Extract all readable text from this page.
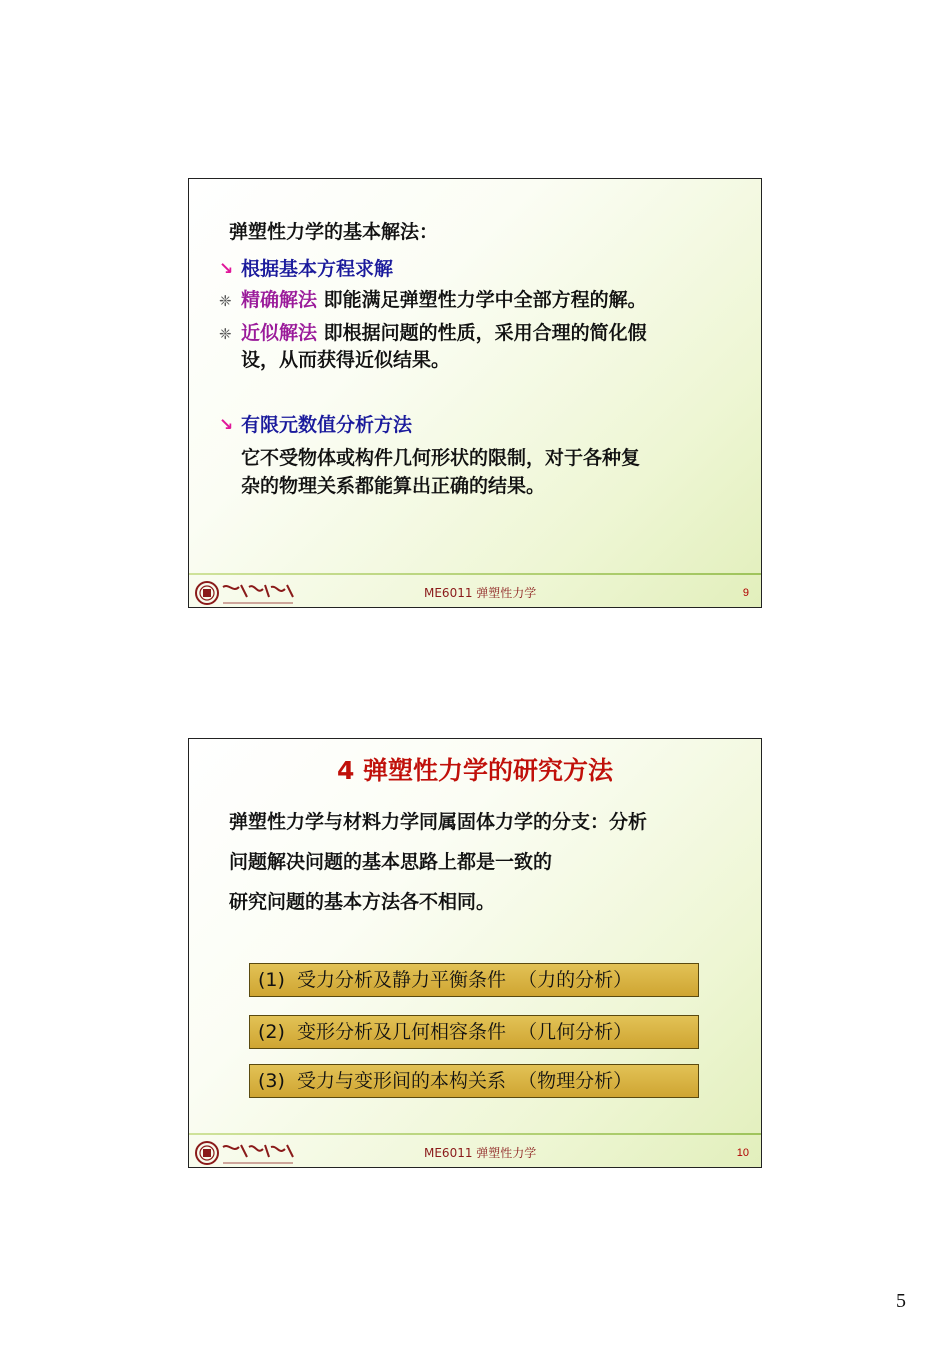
弹塑性力学的基本解法：
↘ 根据基本方程求解
❈ 精确解法 即能满足弹塑性力学中全部方程的解。
❈ 近似解法 即根据问题的性质，采用合理的简化假
设，从而获得近似结果。
↘ 有限元数值分析方法
它不受物体或构件几何形状的限制，对于各种复
杂的物理关系都能算出正确的结果。
ME6011 弹塑性力学	9
4 弹塑性力学的研究方法
弹塑性力学与材料力学同属固体力学的分支：分析
问题解决问题的基本思路上都是一致的
研究问题的基本方法各不相同。
(1)  受力分析及静力平衡条件  （力的分析）
(2)  变形分析及几何相容条件  （几何分析）
(3)  受力与变形间的本构关系  （物理分析）
ME6011 弹塑性力学	10
5
